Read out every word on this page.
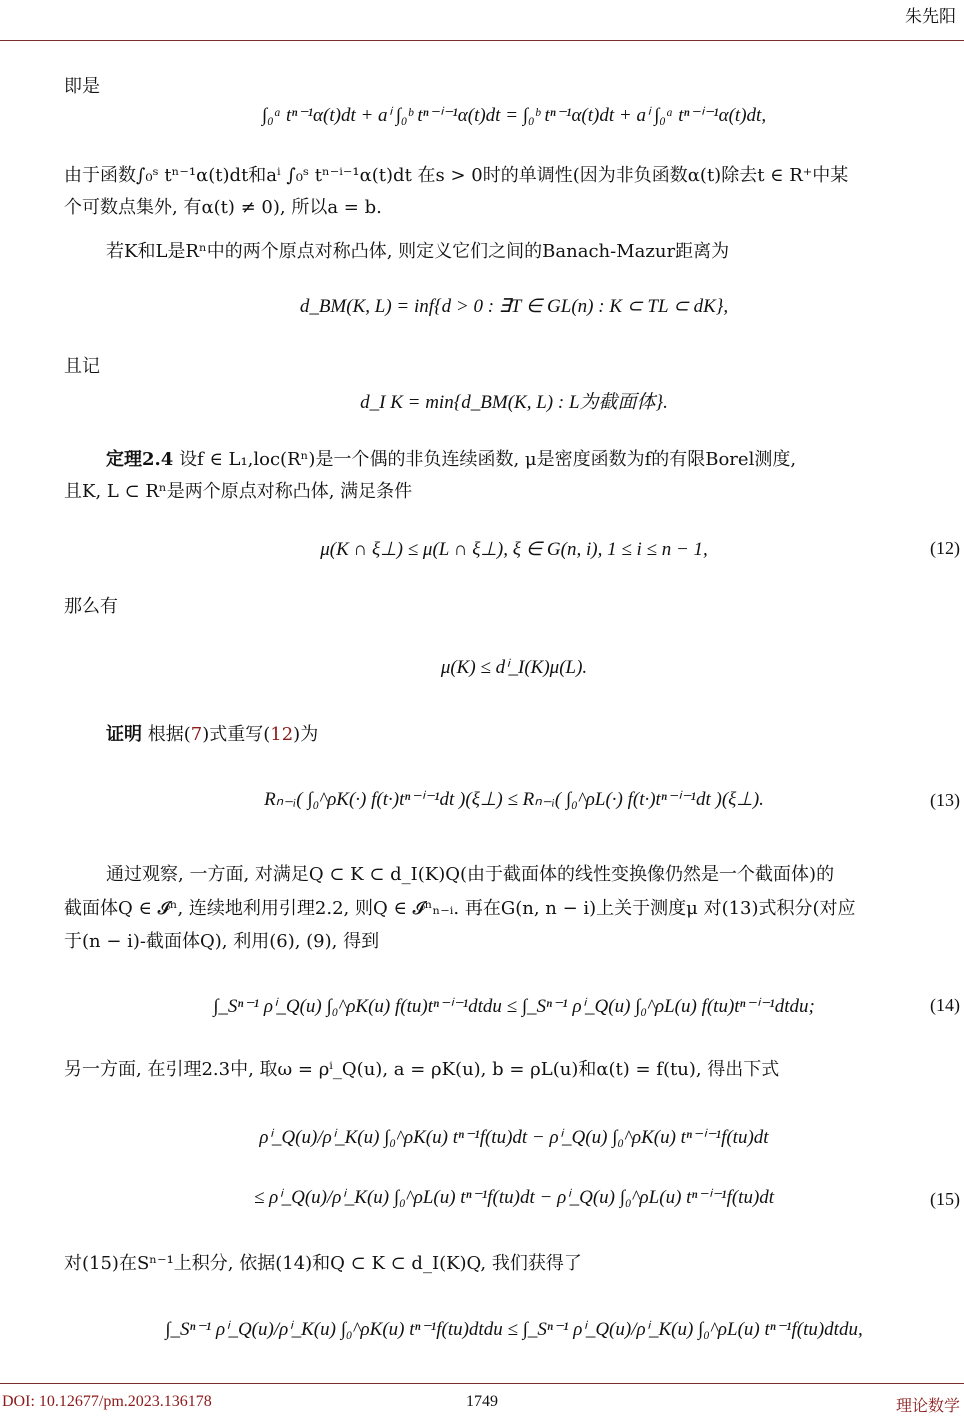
朱先阳
即是
∫₀ᵃ tⁿ⁻¹α(t)dt + aⁱ ∫₀ᵇ tⁿ⁻ⁱ⁻¹α(t)dt = ∫₀ᵇ tⁿ⁻¹α(t)dt + aⁱ ∫₀ᵃ tⁿ⁻ⁱ⁻¹α(t)dt,
由于函数∫₀ˢ tⁿ⁻¹α(t)dt和aⁱ ∫₀ˢ tⁿ⁻ⁱ⁻¹α(t)dt 在s > 0时的单调性(因为非负函数α(t)除去t ∈ R⁺中某
个可数点集外, 有α(t) ≠ 0), 所以a = b.
若K和L是Rⁿ中的两个原点对称凸体, 则定义它们之间的Banach-Mazur距离为
d_BM(K, L) = inf{d > 0 : ∃T ∈ GL(n) : K ⊂ TL ⊂ dK},
且记
d_I K = min{d_BM(K, L) : L为截面体}.
定理2.4 设f ∈ L₁,loc(Rⁿ)是一个偶的非负连续函数, μ是密度函数为f的有限Borel测度,
且K, L ⊂ Rⁿ是两个原点对称凸体, 满足条件
μ(K ∩ ξ⊥) ≤ μ(L ∩ ξ⊥), ξ ∈ G(n, i), 1 ≤ i ≤ n − 1,	(12)
那么有
μ(K) ≤ dⁱ_I(K)μ(L).
证明 根据(7)式重写(12)为
Rₙ₋ᵢ( ∫₀^ρK(·) f(t·)tⁿ⁻ⁱ⁻¹dt )(ξ⊥) ≤ Rₙ₋ᵢ( ∫₀^ρL(·) f(t·)tⁿ⁻ⁱ⁻¹dt )(ξ⊥).	(13)
通过观察, 一方面, 对满足Q ⊂ K ⊂ d_I(K)Q(由于截面体的线性变换像仍然是一个截面体)的
截面体Q ∈ 𝓘ⁿ, 连续地利用引理2.2, 则Q ∈ 𝓘ⁿₙ₋ᵢ. 再在G(n, n − i)上关于测度μ 对(13)式积分(对应
于(n − i)-截面体Q), 利用(6), (9), 得到
∫_Sⁿ⁻¹ ρⁱ_Q(u) ∫₀^ρK(u) f(tu)tⁿ⁻ⁱ⁻¹dtdu ≤ ∫_Sⁿ⁻¹ ρⁱ_Q(u) ∫₀^ρL(u) f(tu)tⁿ⁻ⁱ⁻¹dtdu;	(14)
另一方面, 在引理2.3中, 取ω = ρⁱ_Q(u), a = ρK(u), b = ρL(u)和α(t) = f(tu), 得出下式
ρⁱ_Q(u)/ρⁱ_K(u) ∫₀^ρK(u) tⁿ⁻¹f(tu)dt − ρⁱ_Q(u) ∫₀^ρK(u) tⁿ⁻ⁱ⁻¹f(tu)dt
≤ ρⁱ_Q(u)/ρⁱ_K(u) ∫₀^ρL(u) tⁿ⁻¹f(tu)dt − ρⁱ_Q(u) ∫₀^ρL(u) tⁿ⁻ⁱ⁻¹f(tu)dt	(15)
对(15)在Sⁿ⁻¹上积分, 依据(14)和Q ⊂ K ⊂ d_I(K)Q, 我们获得了
∫_Sⁿ⁻¹ ρⁱ_Q(u)/ρⁱ_K(u) ∫₀^ρK(u) tⁿ⁻¹f(tu)dtdu ≤ ∫_Sⁿ⁻¹ ρⁱ_Q(u)/ρⁱ_K(u) ∫₀^ρL(u) tⁿ⁻¹f(tu)dtdu,
DOI: 10.12677/pm.2023.136178	1749	理论数学
